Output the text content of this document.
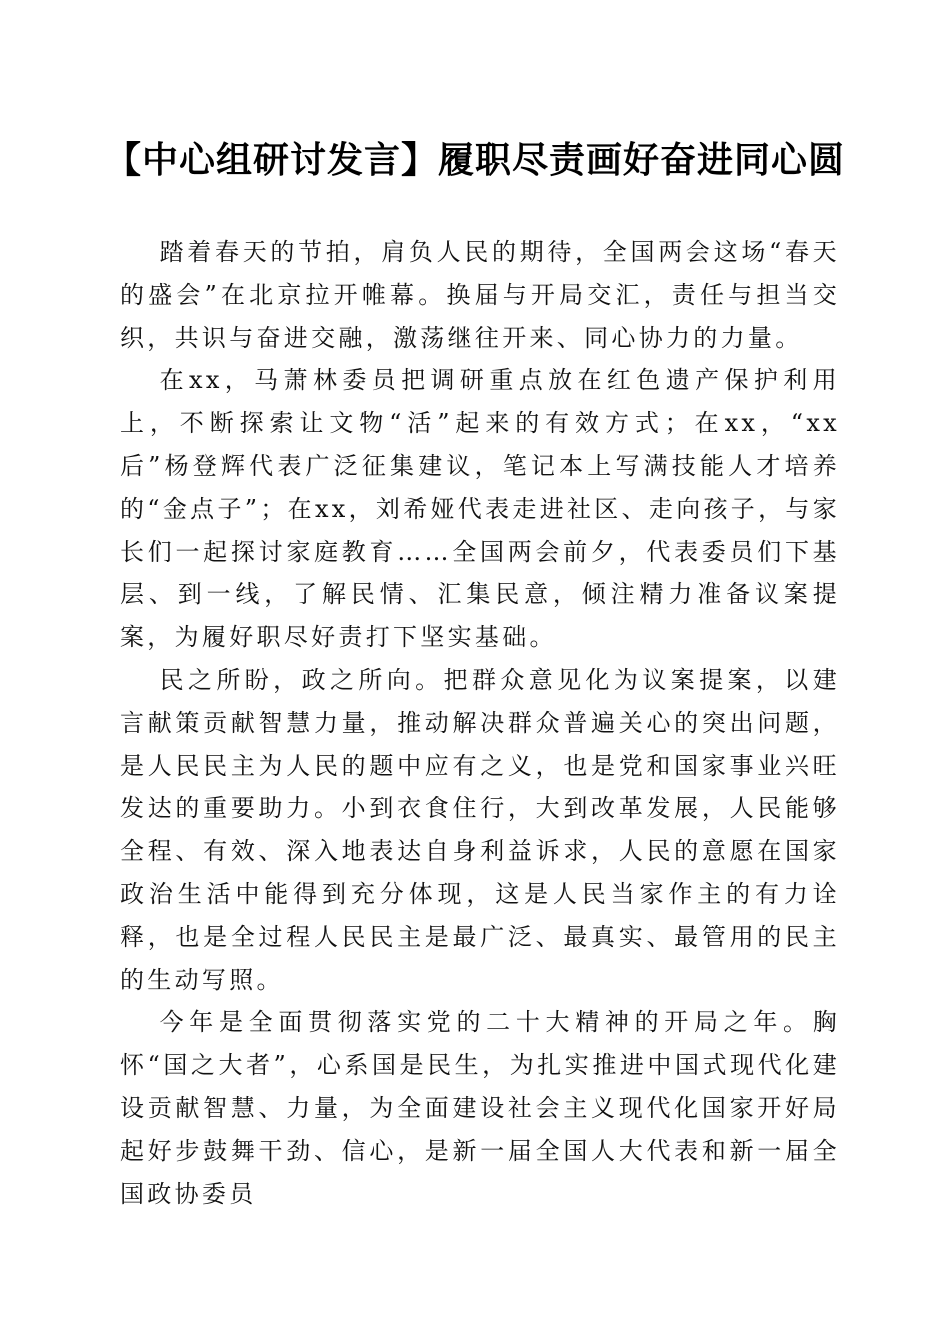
【中心组研讨发言】履职尽责画好奋进同心圆

踏着春天的节拍，肩负人民的期待，全国两会这场“春天的盛会”在北京拉开帷幕。换届与开局交汇，责任与担当交织，共识与奋进交融，激荡继往开来、同心协力的力量。

在xx，马萧林委员把调研重点放在红色遗产保护利用上，不断探索让文物“活”起来的有效方式；在xx，“xx后”杨登辉代表广泛征集建议，笔记本上写满技能人才培养的“金点子”；在xx，刘希娅代表走进社区、走向孩子，与家长们一起探讨家庭教育……全国两会前夕，代表委员们下基层、到一线，了解民情、汇集民意，倾注精力准备议案提案，为履好职尽好责打下坚实基础。

民之所盼，政之所向。把群众意见化为议案提案，以建言献策贡献智慧力量，推动解决群众普遍关心的突出问题，是人民民主为人民的题中应有之义，也是党和国家事业兴旺发达的重要助力。小到衣食住行，大到改革发展，人民能够全程、有效、深入地表达自身利益诉求，人民的意愿在国家政治生活中能得到充分体现，这是人民当家作主的有力诠释，也是全过程人民民主是最广泛、最真实、最管用的民主的生动写照。

今年是全面贯彻落实党的二十大精神的开局之年。胸怀“国之大者”，心系国是民生，为扎实推进中国式现代化建设贡献智慧、力量，为全面建设社会主义现代化国家开好局起好步鼓舞干劲、信心，是新一届全国人大代表和新一届全国政协委员
